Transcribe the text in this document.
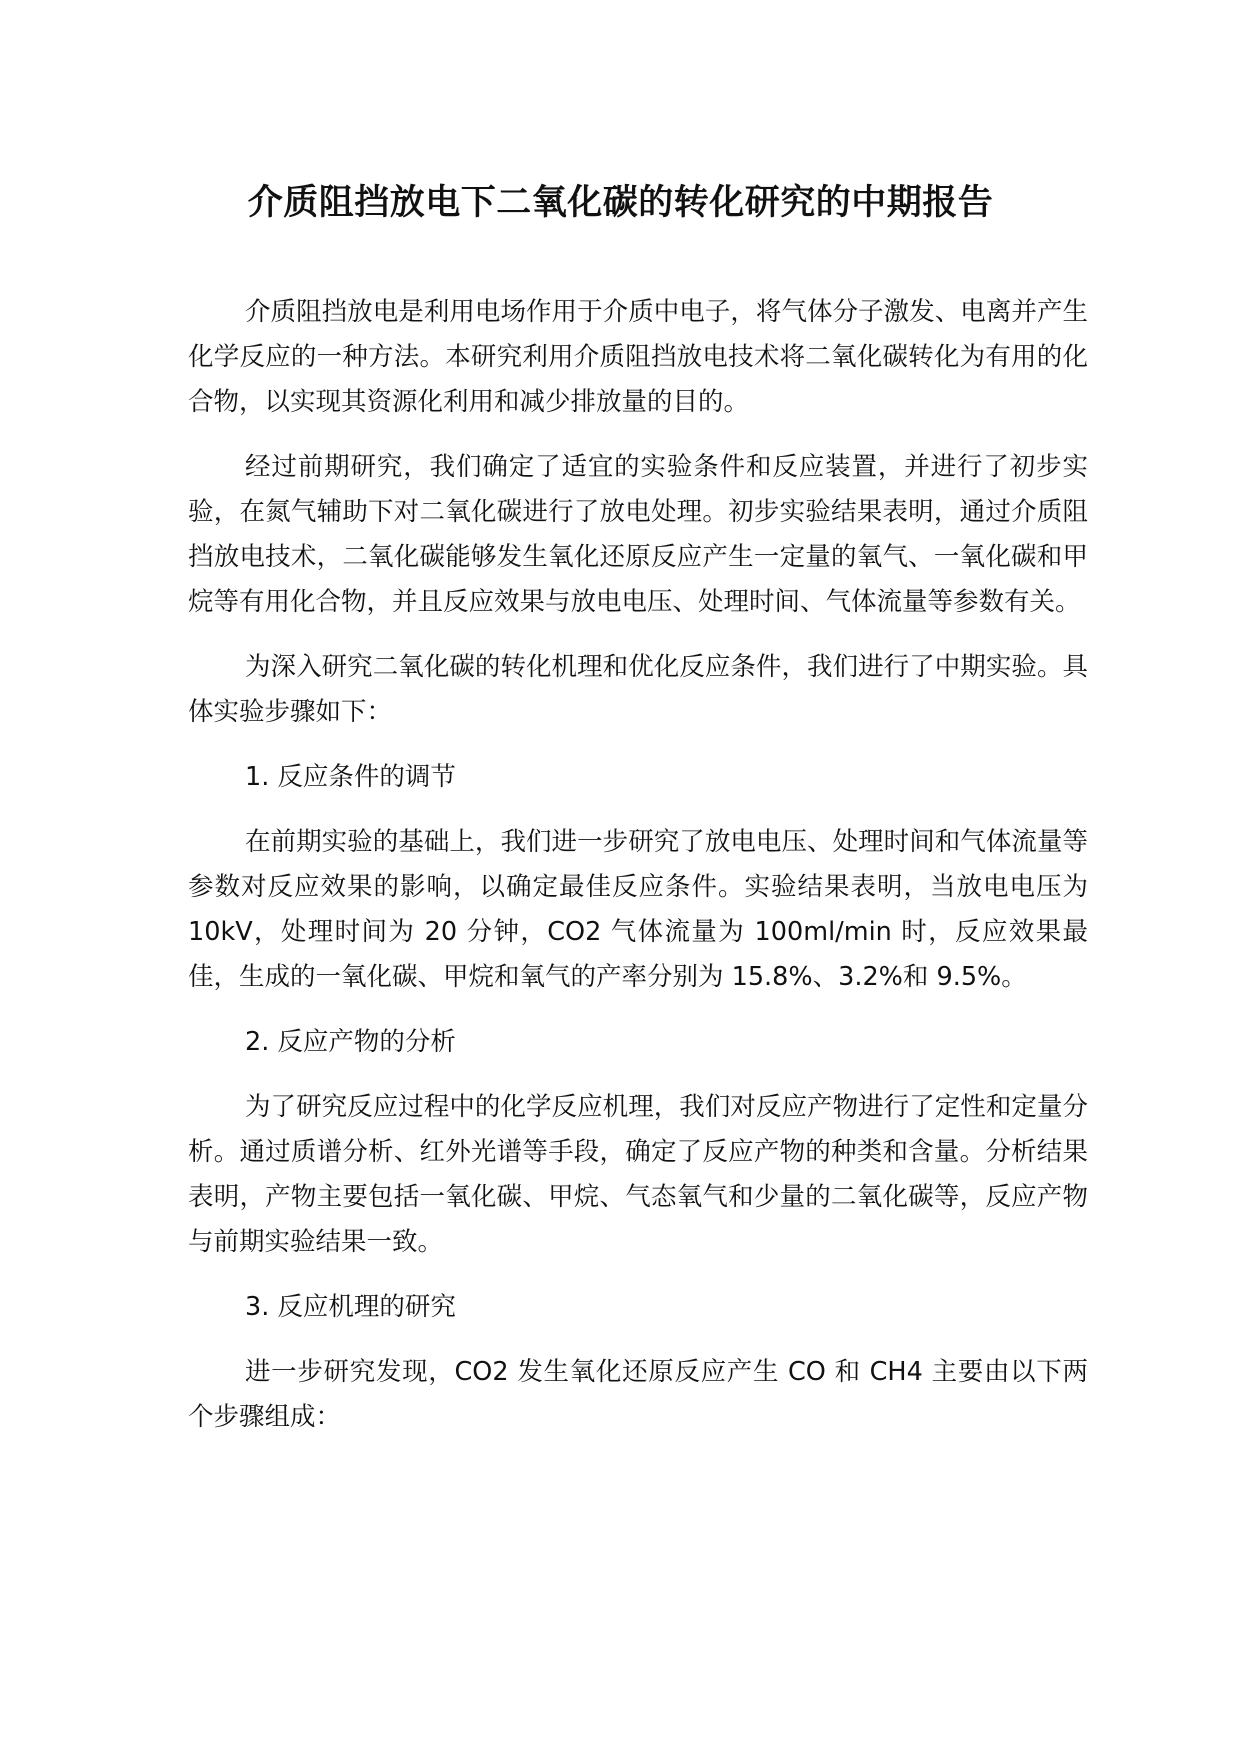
介质阻挡放电下二氧化碳的转化研究的中期报告

介质阻挡放电是利用电场作用于介质中电子，将气体分子激发、电离并产生化学反应的一种方法。本研究利用介质阻挡放电技术将二氧化碳转化为有用的化合物，以实现其资源化利用和减少排放量的目的。

经过前期研究，我们确定了适宜的实验条件和反应装置，并进行了初步实验，在氮气辅助下对二氧化碳进行了放电处理。初步实验结果表明，通过介质阻挡放电技术，二氧化碳能够发生氧化还原反应产生一定量的氧气、一氧化碳和甲烷等有用化合物，并且反应效果与放电电压、处理时间、气体流量等参数有关。

为深入研究二氧化碳的转化机理和优化反应条件，我们进行了中期实验。具体实验步骤如下：

1. 反应条件的调节

在前期实验的基础上，我们进一步研究了放电电压、处理时间和气体流量等参数对反应效果的影响，以确定最佳反应条件。实验结果表明，当放电电压为 10kV，处理时间为 20 分钟，CO2 气体流量为 100ml/min 时，反应效果最佳，生成的一氧化碳、甲烷和氧气的产率分别为 15.8%、3.2%和 9.5%。

2. 反应产物的分析

为了研究反应过程中的化学反应机理，我们对反应产物进行了定性和定量分析。通过质谱分析、红外光谱等手段，确定了反应产物的种类和含量。分析结果表明，产物主要包括一氧化碳、甲烷、气态氧气和少量的二氧化碳等，反应产物与前期实验结果一致。

3. 反应机理的研究

进一步研究发现，CO2 发生氧化还原反应产生 CO 和 CH4 主要由以下两个步骤组成：
